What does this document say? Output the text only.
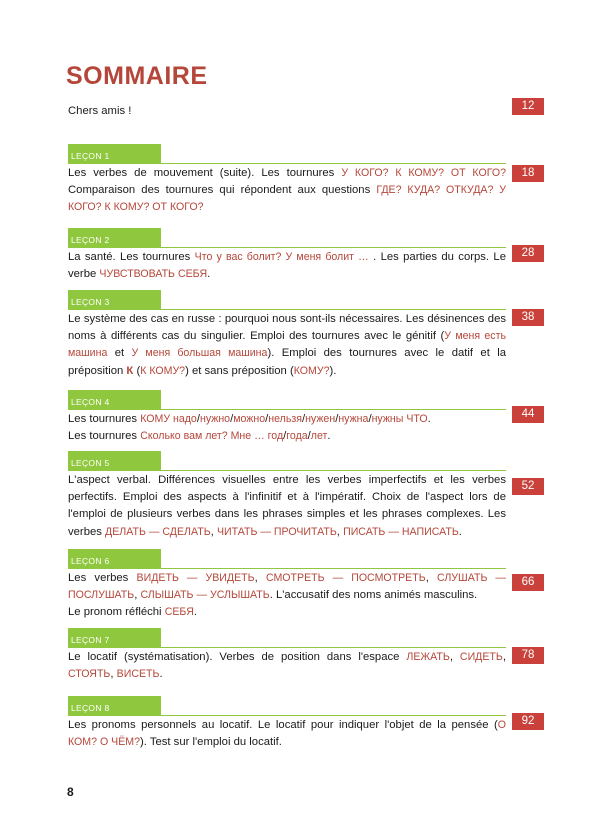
SOMMAIRE
Chers amis !	12
LEÇON 1
Les verbes de mouvement (suite). Les tournures У КОГО? К КОМУ? ОТ КОГО? Comparaison des tournures qui répondent aux questions ГДЕ? КУДА? ОТКУДА? У КОГО? К КОМУ? ОТ КОГО?
18
LEÇON 2
La santé. Les tournures Что у вас болит? У меня болит … . Les parties du corps. Le verbe ЧУВСТВОВАТЬ СЕБЯ.
28
LEÇON 3
Le système des cas en russe : pourquoi nous sont-ils nécessaires. Les désinences des noms à différents cas du singulier. Emploi des tournures avec le génitif (У меня есть машина et У меня большая машина). Emploi des tournures avec le datif et la préposition К (К КОМУ?) et sans préposition (КОМУ?).
38
LEÇON 4
Les tournures КОМУ надо/нужно/можно/нельзя/нужен/нужна/нужны ЧТО.
Les tournures Сколько вам лет? Мне … год/года/лет.
44
LEÇON 5
L'aspect verbal. Différences visuelles entre les verbes imperfectifs et les verbes perfectifs. Emploi des aspects à l'infinitif et à l'impératif. Choix de l'aspect lors de l'emploi de plusieurs verbes dans les phrases simples et les phrases complexes. Les verbes ДЕЛАТЬ — СДЕЛАТЬ, ЧИТАТЬ — ПРОЧИТАТЬ, ПИСАТЬ — НАПИСАТЬ.
52
LEÇON 6
Les verbes ВИДЕТЬ — УВИДЕТЬ, СМОТРЕТЬ — ПОСМОТРЕТЬ, СЛУШАТЬ — ПОСЛУШАТЬ, СЛЫШАТЬ — УСЛЫШАТЬ. L'accusatif des noms animés masculins.
Le pronom réfléchi СЕБЯ.
66
LEÇON 7
Le locatif (systématisation). Verbes de position dans l'espace ЛЕЖАТЬ, СИДЕТЬ, СТОЯТЬ, ВИСЕТЬ.
78
LEÇON 8
Les pronoms personnels au locatif. Le locatif pour indiquer l'objet de la pensée (О КОМ? О ЧЁМ?). Test sur l'emploi du locatif.
92
8
